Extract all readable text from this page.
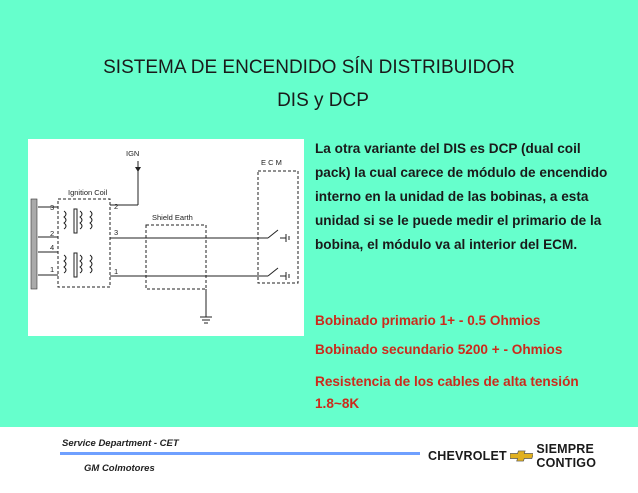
SISTEMA DE ENCENDIDO SÍN DISTRIBUIDOR
DIS y DCP
IGN
E C M
Ignition Coil
3
2
4
1
2
3
1
Shield Earth
La otra variante del DIS es DCP (dual coil pack) la cual carece de módulo de encendido interno en la unidad de las bobinas, a esta unidad si se le puede medir el primario de la bobina, el módulo va al interior del ECM.
Bobinado primario 1+ - 0.5 Ohmios
Bobinado secundario 5200 + - Ohmios
Resistencia de los cables de alta tensión 1.8~8K
Service Department - CET
GM Colmotores
CHEVROLET SIEMPRE CONTIGO
